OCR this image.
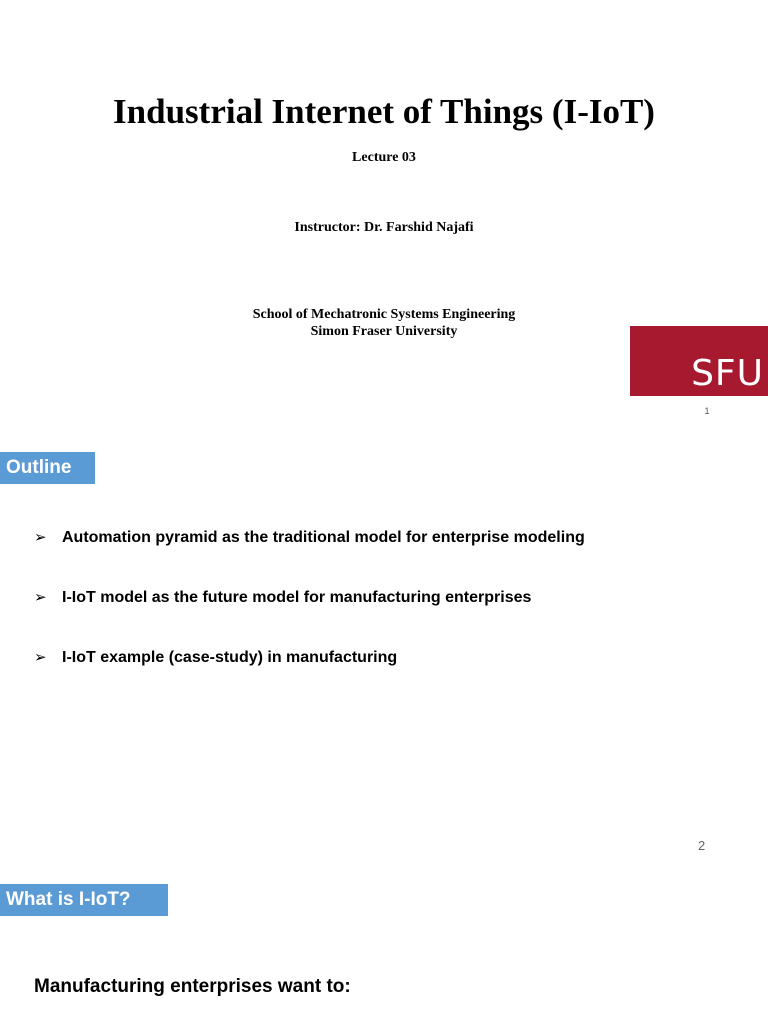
Industrial Internet of Things (I-IoT)
Lecture 03
Instructor: Dr. Farshid Najafi
School of Mechatronic Systems Engineering
Simon Fraser University
SFU
1
Outline
➢ Automation pyramid as the traditional model for enterprise modeling
➢ I-IoT model as the future model for manufacturing enterprises
➢ I-IoT example (case-study) in manufacturing
2
What is I-IoT?
Manufacturing enterprises want to:
